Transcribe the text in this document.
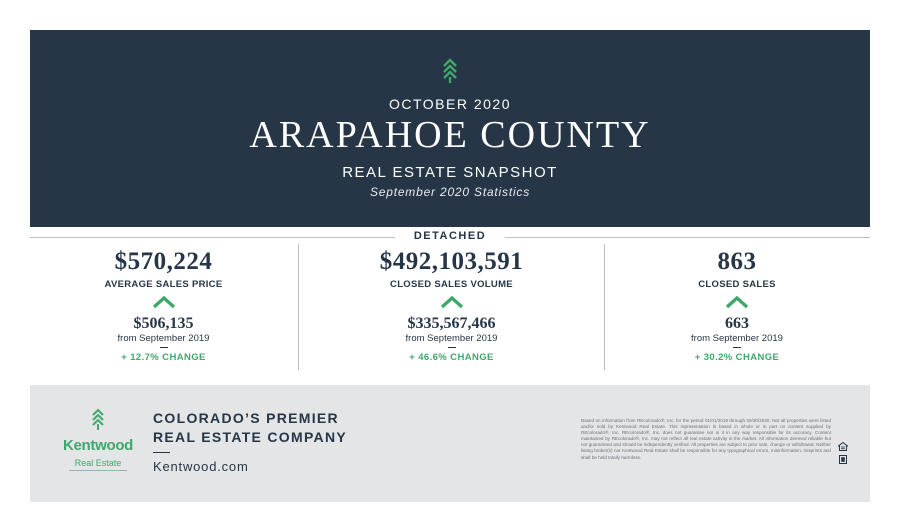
OCTOBER 2020
ARAPAHOE COUNTY
REAL ESTATE SNAPSHOT
September 2020 Statistics
DETACHED
$570,224
AVERAGE SALES PRICE
$506,135
from September 2019
+ 12.7% CHANGE
$492,103,591
CLOSED SALES VOLUME
$335,567,466
from September 2019
+ 46.6% CHANGE
863
CLOSED SALES
663
from September 2019
+ 30.2% CHANGE
Kentwood
Real Estate
COLORADO’S PREMIER
REAL ESTATE COMPANY
Kentwood.com
Based on information from REcolorado®, Inc. for the period 01/01/2019 through 09/30/2020. Not all properties were listed and/or sold by Kentwood Real Estate. This representation is based in whole or in part on content supplied by REcolorado®, Inc. REcolorado®, Inc. does not guarantee nor is it in any way responsible for its accuracy. Content maintained by REcolorado®, Inc. may not reflect all real estate activity in the market. All information deemed reliable but not guaranteed and should be independently verified. All properties are subject to prior sale, change or withdrawal. Neither listing broker(s) nor Kentwood Real Estate shall be responsible for any typographical errors, misinformation, misprints and shall be held totally harmless.
